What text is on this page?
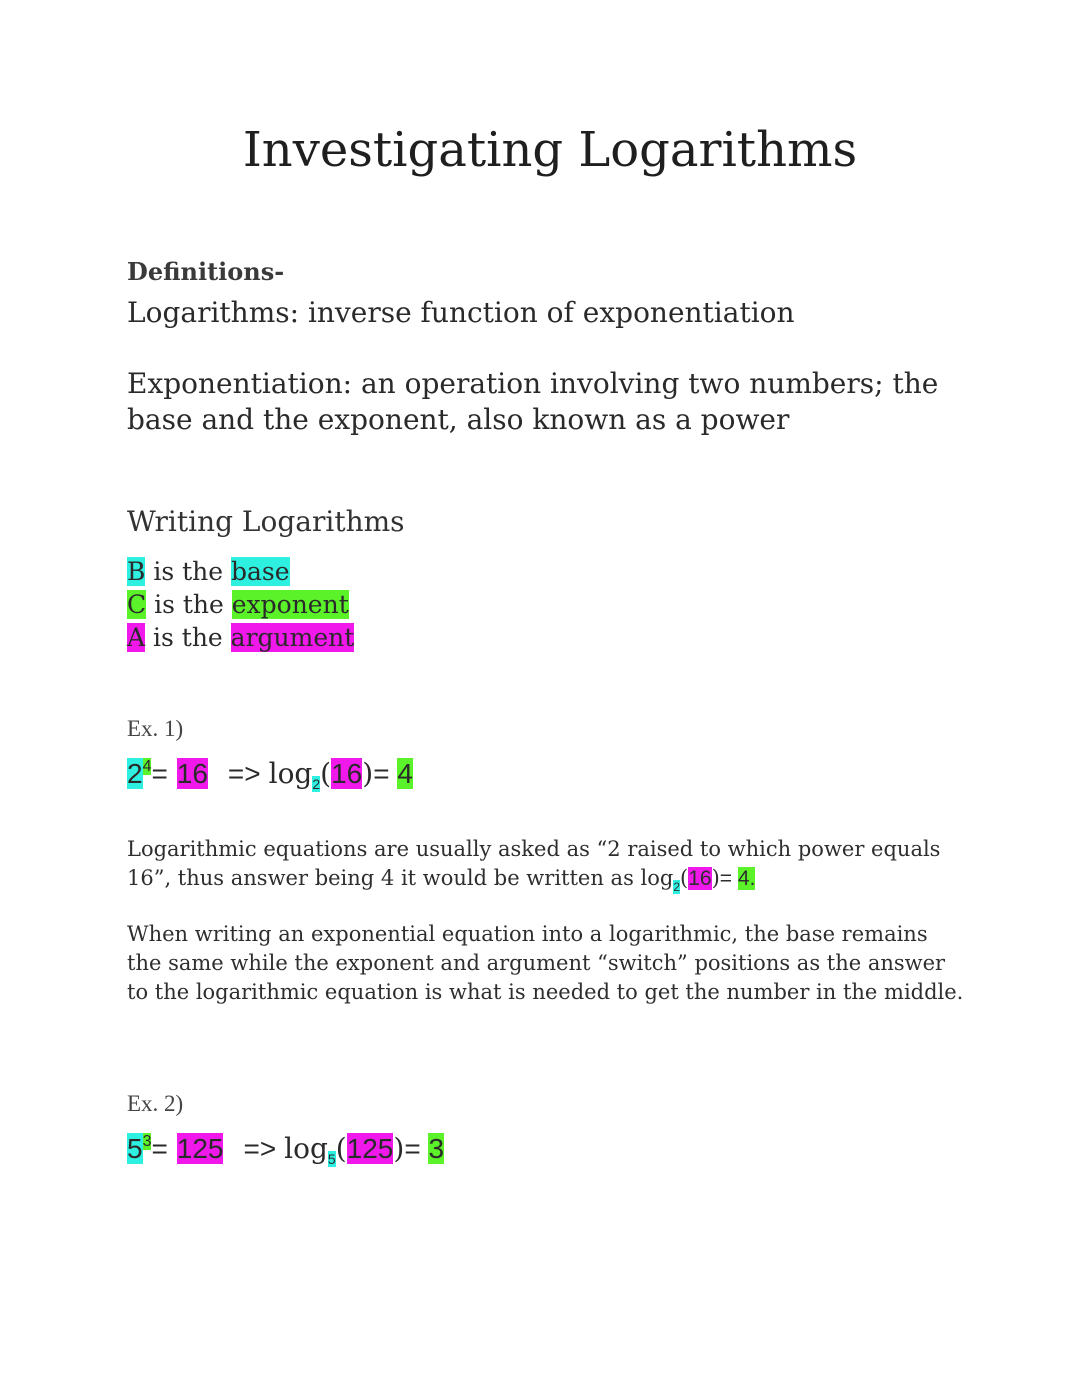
Investigating Logarithms
Definitions-
Logarithms: inverse function of exponentiation
Exponentiation: an operation involving two numbers; the base and the exponent, also known as a power
Writing Logarithms
B is the base
C is the exponent
A is the argument
Ex. 1)
$2^4= 16 => \log_2(16)= 4$
Logarithmic equations are usually asked as “2 raised to which power equals 16”, thus answer being 4 it would be written as $\log_2(16)= 4$.
When writing an exponential equation into a logarithmic, the base remains the same while the exponent and argument “switch” positions as the answer to the logarithmic equation is what is needed to get the number in the middle.
Ex. 2)
$5^3= 125 => \log_5(125)= 3$
